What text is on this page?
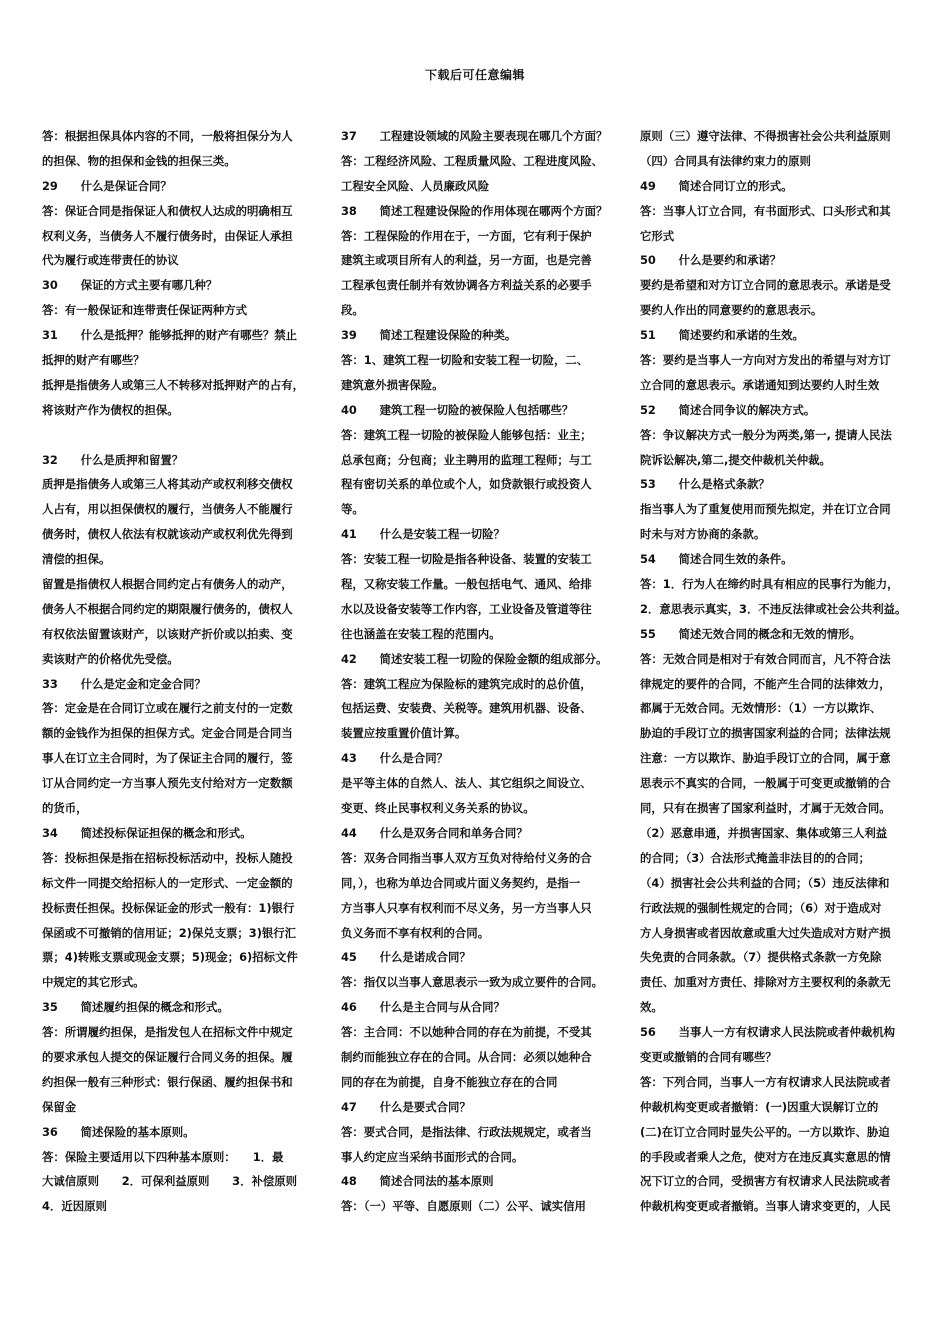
下载后可任意编辑
答：根据担保具体内容的不同，一般将担保分为人
的担保、物的担保和金钱的担保三类。
29　　什么是保证合同？
答：保证合同是指保证人和债权人达成的明确相互
权利义务，当债务人不履行债务时，由保证人承担
代为履行或连带责任的协议
30　　保证的方式主要有哪几种？
答：有一般保证和连带责任保证两种方式
31　　什么是抵押？能够抵押的财产有哪些？禁止
抵押的财产有哪些？
抵押是指债务人或第三人不转移对抵押财产的占有，
将该财产作为债权的担保。
32　　什么是质押和留置？
质押是指债务人或第三人将其动产或权利移交债权
人占有，用以担保债权的履行，当债务人不能履行
债务时，债权人依法有权就该动产或权利优先得到
清偿的担保。
留置是指债权人根据合同约定占有债务人的动产，
债务人不根据合同约定的期限履行债务的，债权人
有权依法留置该财产，以该财产折价或以拍卖、变
卖该财产的价格优先受偿。
33　　什么是定金和定金合同？
答：定金是在合同订立或在履行之前支付的一定数
额的金钱作为担保的担保方式。定金合同是合同当
事人在订立主合同时，为了保证主合同的履行，签
订从合同约定一方当事人预先支付给对方一定数额
的货币，
34　　简述投标保证担保的概念和形式。
答：投标担保是指在招标投标活动中，投标人随投
标文件一同提交给招标人的一定形式、一定金额的
投标责任担保。投标保证金的形式一般有：1)银行
保函或不可撤销的信用证；2)保兑支票；3)银行汇
票；4)转账支票或现金支票；5)现金；6)招标文件
中规定的其它形式。
35　　简述履约担保的概念和形式。
答：所谓履约担保，是指发包人在招标文件中规定
的要求承包人提交的保证履行合同义务的担保。履
约担保一般有三种形式：银行保函、履约担保书和
保留金
36　　简述保险的基本原则。
答：保险主要适用以下四种基本原则：　　1．最
大诚信原则　　2．可保利益原则　　3．补偿原则
4．近因原则
37　　工程建设领域的风险主要表现在哪几个方面？
答：工程经济风险、工程质量风险、工程进度风险、
工程安全风险、人员廉政风险
38　　简述工程建设保险的作用体现在哪两个方面？
答：工程保险的作用在于，一方面，它有利于保护
建筑主或项目所有人的利益，另一方面，也是完善
工程承包责任制并有效协调各方利益关系的必要手
段。
39　　简述工程建设保险的种类。
答：1、建筑工程一切险和安装工程一切险，二、
建筑意外损害保险。
40　　建筑工程一切险的被保险人包括哪些？
答：建筑工程一切险的被保险人能够包括：业主；
总承包商；分包商；业主聘用的监理工程师；与工
程有密切关系的单位或个人，如贷款银行或投资人
等。
41　　什么是安装工程一切险？
答：安装工程一切险是指各种设备、装置的安装工
程，又称安装工作量。一般包括电气、通风、给排
水以及设备安装等工作内容，工业设备及管道等往
往也涵盖在安装工程的范围内。
42　　简述安装工程一切险的保险金额的组成部分。
答：建筑工程应为保险标的建筑完成时的总价值，
包括运费、安装费、关税等。建筑用机器、设备、
装置应按重置价值计算。
43　　什么是合同？
是平等主体的自然人、法人、其它组织之间设立、
变更、终止民事权利义务关系的协议。
44　　什么是双务合同和单务合同？
答：双务合同指当事人双方互负对待给付义务的合
同，），也称为单边合同或片面义务契约，是指一
方当事人只享有权利而不尽义务，另一方当事人只
负义务而不享有权利的合同。
45　　什么是诺成合同？
答：指仅以当事人意思表示一致为成立要件的合同。
46　　什么是主合同与从合同？
答：主合同：不以她种合同的存在为前提，不受其
制约而能独立存在的合同。从合同：必须以她种合
同的存在为前提，自身不能独立存在的合同
47　　什么是要式合同？
答：要式合同，是指法律、行政法规规定，或者当
事人约定应当采纳书面形式的合同。
48　　简述合同法的基本原则
答：（一）平等、自愿原则（二）公平、诚实信用
原则（三）遵守法律、不得损害社会公共利益原则
（四）合同具有法律约束力的原则
49　　简述合同订立的形式。
答：当事人订立合同，有书面形式、口头形式和其
它形式
50　　什么是要约和承诺？
要约是希望和对方订立合同的意思表示。承诺是受
要约人作出的同意要约的意思表示。
51　　简述要约和承诺的生效。
答：要约是当事人一方向对方发出的希望与对方订
立合同的意思表示。承诺通知到达要约人时生效
52　　简述合同争议的解决方式。
答：争议解决方式一般分为两类,第一, 提请人民法
院诉讼解决,第二,提交仲裁机关仲裁。
53　　什么是格式条款？
指当事人为了重复使用而预先拟定，并在订立合同
时未与对方协商的条款。
54　　简述合同生效的条件。
答：1．行为人在缔约时具有相应的民事行为能力，
2．意思表示真实，3．不违反法律或社会公共利益。
55　　简述无效合同的概念和无效的情形。
答：无效合同是相对于有效合同而言，凡不符合法
律规定的要件的合同，不能产生合同的法律效力，
都属于无效合同。无效情形：（1）一方以欺诈、
胁迫的手段订立的损害国家利益的合同；法律法规
注意：一方以欺诈、胁迫手段订立的合同，属于意
思表示不真实的合同，一般属于可变更或撤销的合
同，只有在损害了国家利益时，才属于无效合同。
（2）恶意串通，并损害国家、集体或第三人利益
的合同；（3）合法形式掩盖非法目的的合同；
（4）损害社会公共利益的合同；（5）违反法律和
行政法规的强制性规定的合同；（6）对于造成对
方人身损害或者因故意或重大过失造成对方财产损
失免责的合同条款。（7）提供格式条款一方免除
责任、加重对方责任、排除对方主要权利的条款无
效。
56　　当事人一方有权请求人民法院或者仲裁机构
变更或撤销的合同有哪些？
答：下列合同，当事人一方有权请求人民法院或者
仲裁机构变更或者撤销：(一)因重大误解订立的
(二)在订立合同时显失公平的。一方以欺诈、胁迫
的手段或者乘人之危，使对方在违反真实意思的情
况下订立的合同，受损害方有权请求人民法院或者
仲裁机构变更或者撤销。当事人请求变更的，人民
